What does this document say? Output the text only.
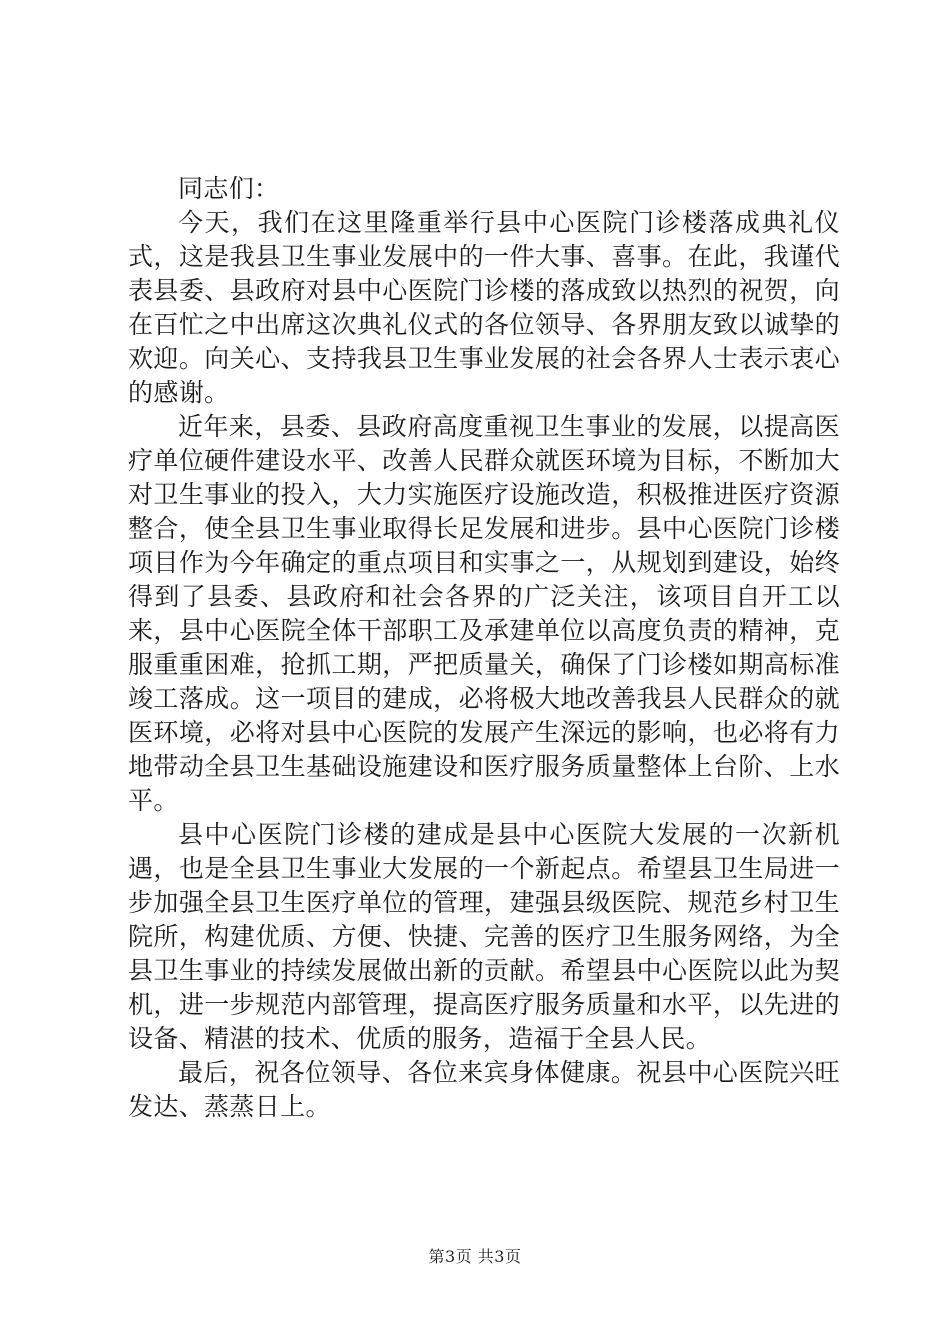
同志们：

今天，我们在这里隆重举行县中心医院门诊楼落成典礼仪式，这是我县卫生事业发展中的一件大事、喜事。在此，我谨代表县委、县政府对县中心医院门诊楼的落成致以热烈的祝贺，向在百忙之中出席这次典礼仪式的各位领导、各界朋友致以诚挚的欢迎。向关心、支持我县卫生事业发展的社会各界人士表示衷心的感谢。

近年来，县委、县政府高度重视卫生事业的发展，以提高医疗单位硬件建设水平、改善人民群众就医环境为目标，不断加大对卫生事业的投入，大力实施医疗设施改造，积极推进医疗资源整合，使全县卫生事业取得长足发展和进步。县中心医院门诊楼项目作为今年确定的重点项目和实事之一，从规划到建设，始终得到了县委、县政府和社会各界的广泛关注，该项目自开工以来，县中心医院全体干部职工及承建单位以高度负责的精神，克服重重困难，抢抓工期，严把质量关，确保了门诊楼如期高标准竣工落成。这一项目的建成，必将极大地改善我县人民群众的就医环境，必将对县中心医院的发展产生深远的影响，也必将有力地带动全县卫生基础设施建设和医疗服务质量整体上台阶、上水平。

县中心医院门诊楼的建成是县中心医院大发展的一次新机遇，也是全县卫生事业大发展的一个新起点。希望县卫生局进一步加强全县卫生医疗单位的管理，建强县级医院、规范乡村卫生院所，构建优质、方便、快捷、完善的医疗卫生服务网络，为全县卫生事业的持续发展做出新的贡献。希望县中心医院以此为契机，进一步规范内部管理，提高医疗服务质量和水平，以先进的设备、精湛的技术、优质的服务，造福于全县人民。

最后，祝各位领导、各位来宾身体健康。祝县中心医院兴旺发达、蒸蒸日上。

第3页 共3页
